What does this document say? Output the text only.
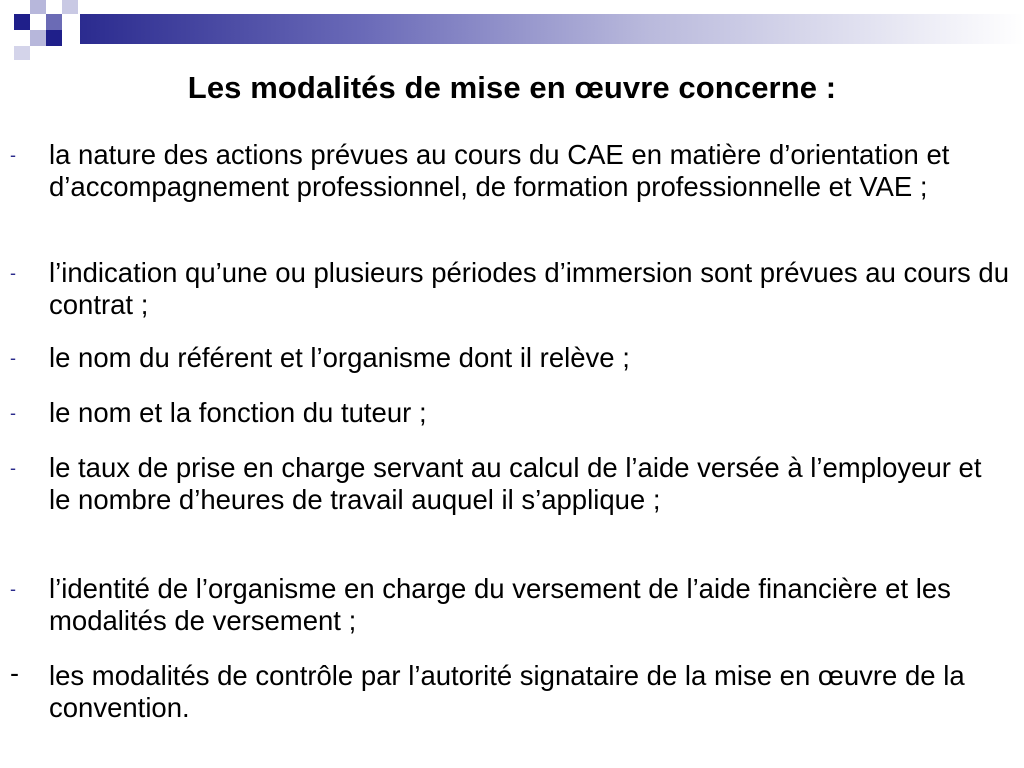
Les modalités de mise en œuvre concerne :
-	la nature des actions prévues au cours du CAE en matière d’orientation et d’accompagnement professionnel, de formation professionnelle et VAE ;
-	l’indication qu’une ou plusieurs périodes d’immersion sont prévues au cours du contrat ;
-	le nom du référent et l’organisme dont il relève ;
-	le nom et la fonction du tuteur ;
-	le taux de prise en charge servant au calcul de l’aide versée à l’employeur et le nombre d’heures de travail auquel il s’applique ;
-	l’identité de l’organisme en charge du versement de l’aide financière et les modalités de versement ;
-	les modalités de contrôle par l’autorité signataire de la mise en œuvre de la convention.
